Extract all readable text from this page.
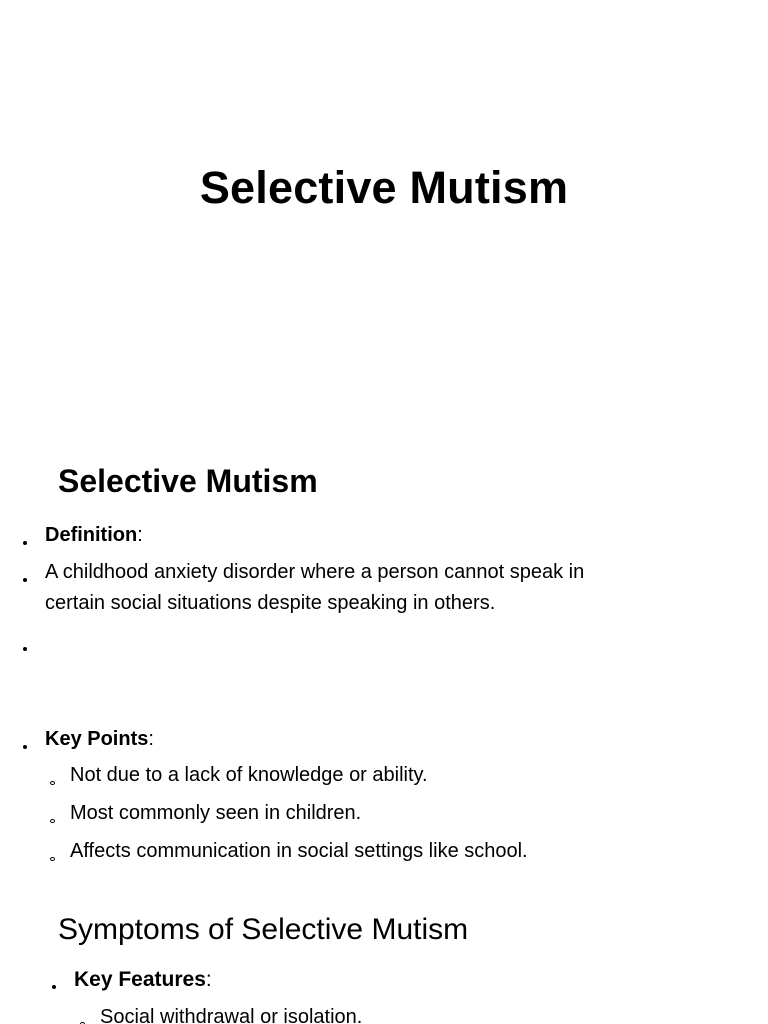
Selective Mutism
Selective Mutism
Definition:
A childhood anxiety disorder where a person cannot speak in
certain social situations despite speaking in others.
Key Points:
Not due to a lack of knowledge or ability.
Most commonly seen in children.
Affects communication in social settings like school.
Symptoms of Selective Mutism
Key Features:
Social withdrawal or isolation.
